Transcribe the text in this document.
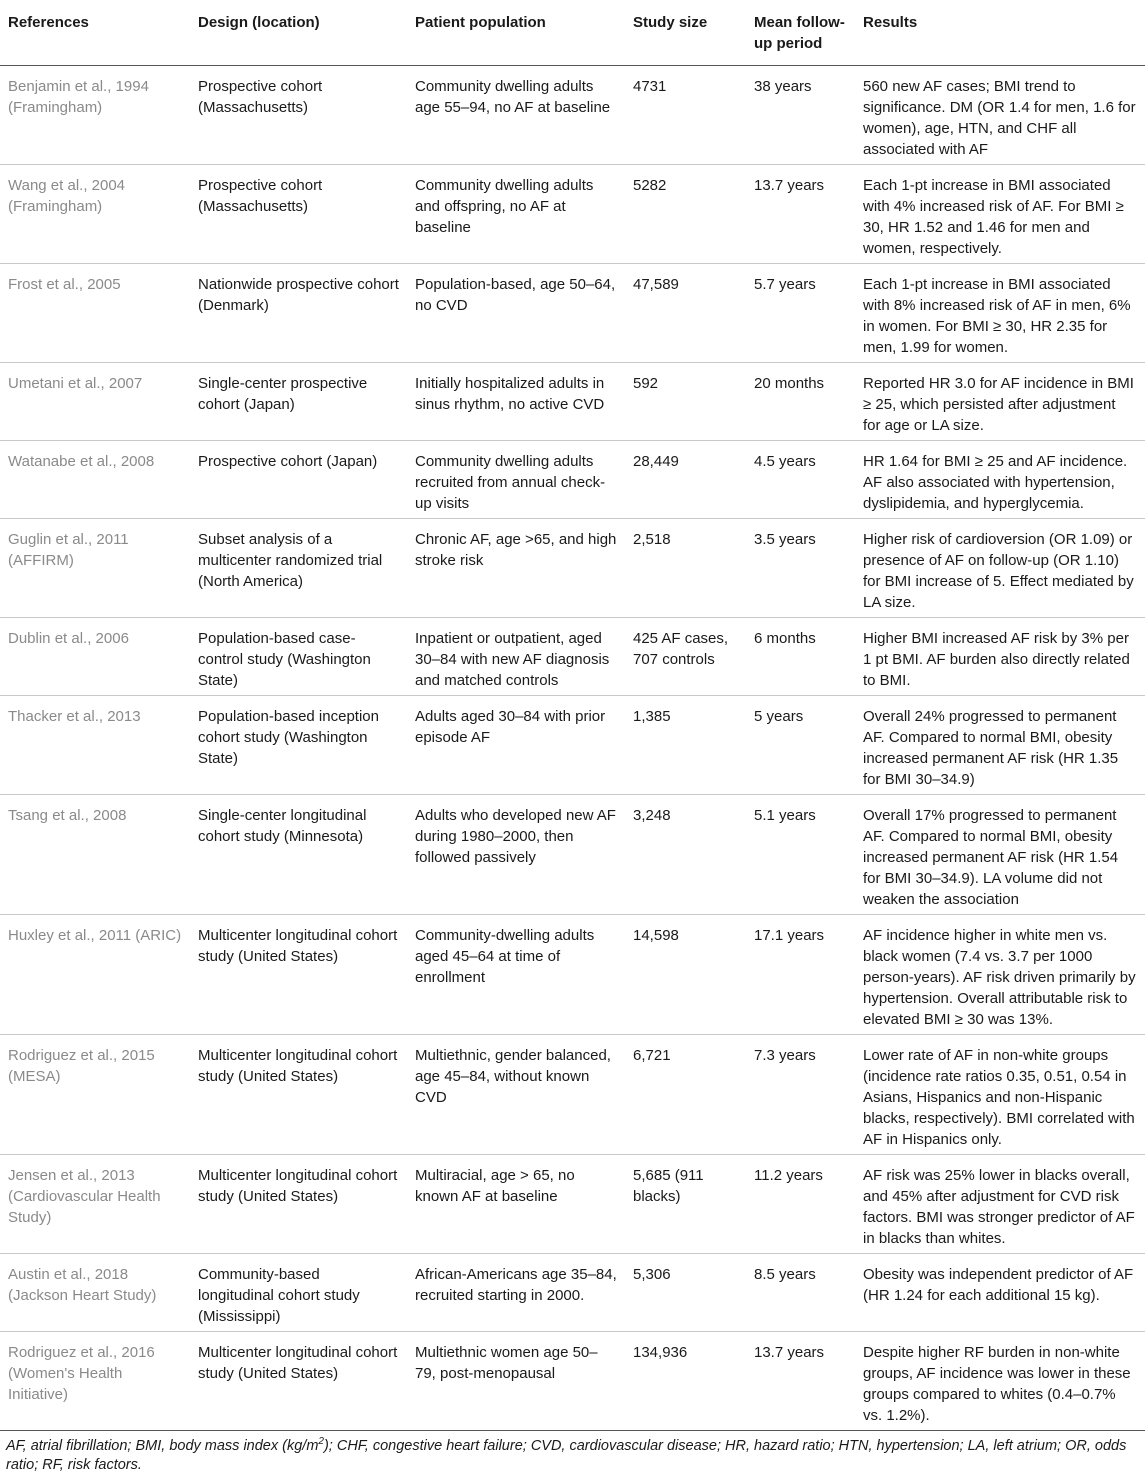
References	Design (location)	Patient population	Study size	Mean follow-up period	Results
Benjamin et al., 1994 (Framingham)	Prospective cohort (Massachusetts)	Community dwelling adults age 55–94, no AF at baseline	4731	38 years	560 new AF cases; BMI trend to significance. DM (OR 1.4 for men, 1.6 for women), age, HTN, and CHF all associated with AF
Wang et al., 2004 (Framingham)	Prospective cohort (Massachusetts)	Community dwelling adults and offspring, no AF at baseline	5282	13.7 years	Each 1-pt increase in BMI associated with 4% increased risk of AF. For BMI ≥ 30, HR 1.52 and 1.46 for men and women, respectively.
Frost et al., 2005	Nationwide prospective cohort (Denmark)	Population-based, age 50–64, no CVD	47,589	5.7 years	Each 1-pt increase in BMI associated with 8% increased risk of AF in men, 6% in women. For BMI ≥ 30, HR 2.35 for men, 1.99 for women.
Umetani et al., 2007	Single-center prospective cohort (Japan)	Initially hospitalized adults in sinus rhythm, no active CVD	592	20 months	Reported HR 3.0 for AF incidence in BMI ≥ 25, which persisted after adjustment for age or LA size.
Watanabe et al., 2008	Prospective cohort (Japan)	Community dwelling adults recruited from annual check-up visits	28,449	4.5 years	HR 1.64 for BMI ≥ 25 and AF incidence. AF also associated with hypertension, dyslipidemia, and hyperglycemia.
Guglin et al., 2011 (AFFIRM)	Subset analysis of a multicenter randomized trial (North America)	Chronic AF, age >65, and high stroke risk	2,518	3.5 years	Higher risk of cardioversion (OR 1.09) or presence of AF on follow-up (OR 1.10) for BMI increase of 5. Effect mediated by LA size.
Dublin et al., 2006	Population-based case-control study (Washington State)	Inpatient or outpatient, aged 30–84 with new AF diagnosis and matched controls	425 AF cases, 707 controls	6 months	Higher BMI increased AF risk by 3% per 1 pt BMI. AF burden also directly related to BMI.
Thacker et al., 2013	Population-based inception cohort study (Washington State)	Adults aged 30–84 with prior episode AF	1,385	5 years	Overall 24% progressed to permanent AF. Compared to normal BMI, obesity increased permanent AF risk (HR 1.35 for BMI 30–34.9)
Tsang et al., 2008	Single-center longitudinal cohort study (Minnesota)	Adults who developed new AF during 1980–2000, then followed passively	3,248	5.1 years	Overall 17% progressed to permanent AF. Compared to normal BMI, obesity increased permanent AF risk (HR 1.54 for BMI 30–34.9). LA volume did not weaken the association
Huxley et al., 2011 (ARIC)	Multicenter longitudinal cohort study (United States)	Community-dwelling adults aged 45–64 at time of enrollment	14,598	17.1 years	AF incidence higher in white men vs. black women (7.4 vs. 3.7 per 1000 person-years). AF risk driven primarily by hypertension. Overall attributable risk to elevated BMI ≥ 30 was 13%.
Rodriguez et al., 2015 (MESA)	Multicenter longitudinal cohort study (United States)	Multiethnic, gender balanced, age 45–84, without known CVD	6,721	7.3 years	Lower rate of AF in non-white groups (incidence rate ratios 0.35, 0.51, 0.54 in Asians, Hispanics and non-Hispanic blacks, respectively). BMI correlated with AF in Hispanics only.
Jensen et al., 2013 (Cardiovascular Health Study)	Multicenter longitudinal cohort study (United States)	Multiracial, age > 65, no known AF at baseline	5,685 (911 blacks)	11.2 years	AF risk was 25% lower in blacks overall, and 45% after adjustment for CVD risk factors. BMI was stronger predictor of AF in blacks than whites.
Austin et al., 2018 (Jackson Heart Study)	Community-based longitudinal cohort study (Mississippi)	African-Americans age 35–84, recruited starting in 2000.	5,306	8.5 years	Obesity was independent predictor of AF (HR 1.24 for each additional 15 kg).
Rodriguez et al., 2016 (Women's Health Initiative)	Multicenter longitudinal cohort study (United States)	Multiethnic women age 50–79, post-menopausal	134,936	13.7 years	Despite higher RF burden in non-white groups, AF incidence was lower in these groups compared to whites (0.4–0.7% vs. 1.2%).
AF, atrial fibrillation; BMI, body mass index $(kg/m^2)$; CHF, congestive heart failure; CVD, cardiovascular disease; HR, hazard ratio; HTN, hypertension; LA, left atrium; OR, odds ratio; RF, risk factors.
